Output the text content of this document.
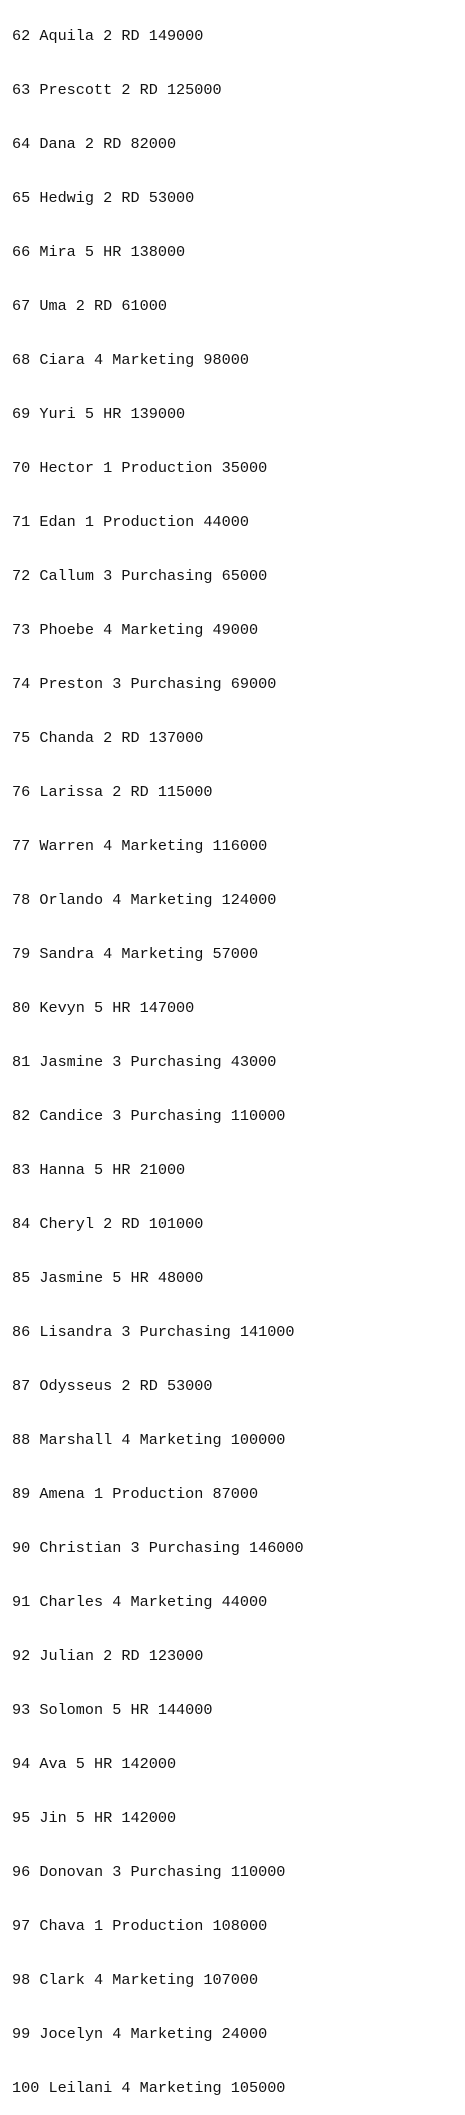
62 Aquila 2 RD 149000

63 Prescott 2 RD 125000

64 Dana 2 RD 82000

65 Hedwig 2 RD 53000

66 Mira 5 HR 138000

67 Uma 2 RD 61000

68 Ciara 4 Marketing 98000

69 Yuri 5 HR 139000

70 Hector 1 Production 35000

71 Edan 1 Production 44000

72 Callum 3 Purchasing 65000

73 Phoebe 4 Marketing 49000

74 Preston 3 Purchasing 69000

75 Chanda 2 RD 137000

76 Larissa 2 RD 115000

77 Warren 4 Marketing 116000

78 Orlando 4 Marketing 124000

79 Sandra 4 Marketing 57000

80 Kevyn 5 HR 147000

81 Jasmine 3 Purchasing 43000

82 Candice 3 Purchasing 110000

83 Hanna 5 HR 21000

84 Cheryl 2 RD 101000

85 Jasmine 5 HR 48000

86 Lisandra 3 Purchasing 141000

87 Odysseus 2 RD 53000

88 Marshall 4 Marketing 100000

89 Amena 1 Production 87000

90 Christian 3 Purchasing 146000

91 Charles 4 Marketing 44000

92 Julian 2 RD 123000

93 Solomon 5 HR 144000

94 Ava 5 HR 142000

95 Jin 5 HR 142000

96 Donovan 3 Purchasing 110000

97 Chava 1 Production 108000

98 Clark 4 Marketing 107000

99 Jocelyn 4 Marketing 24000

100 Leilani 4 Marketing 105000
